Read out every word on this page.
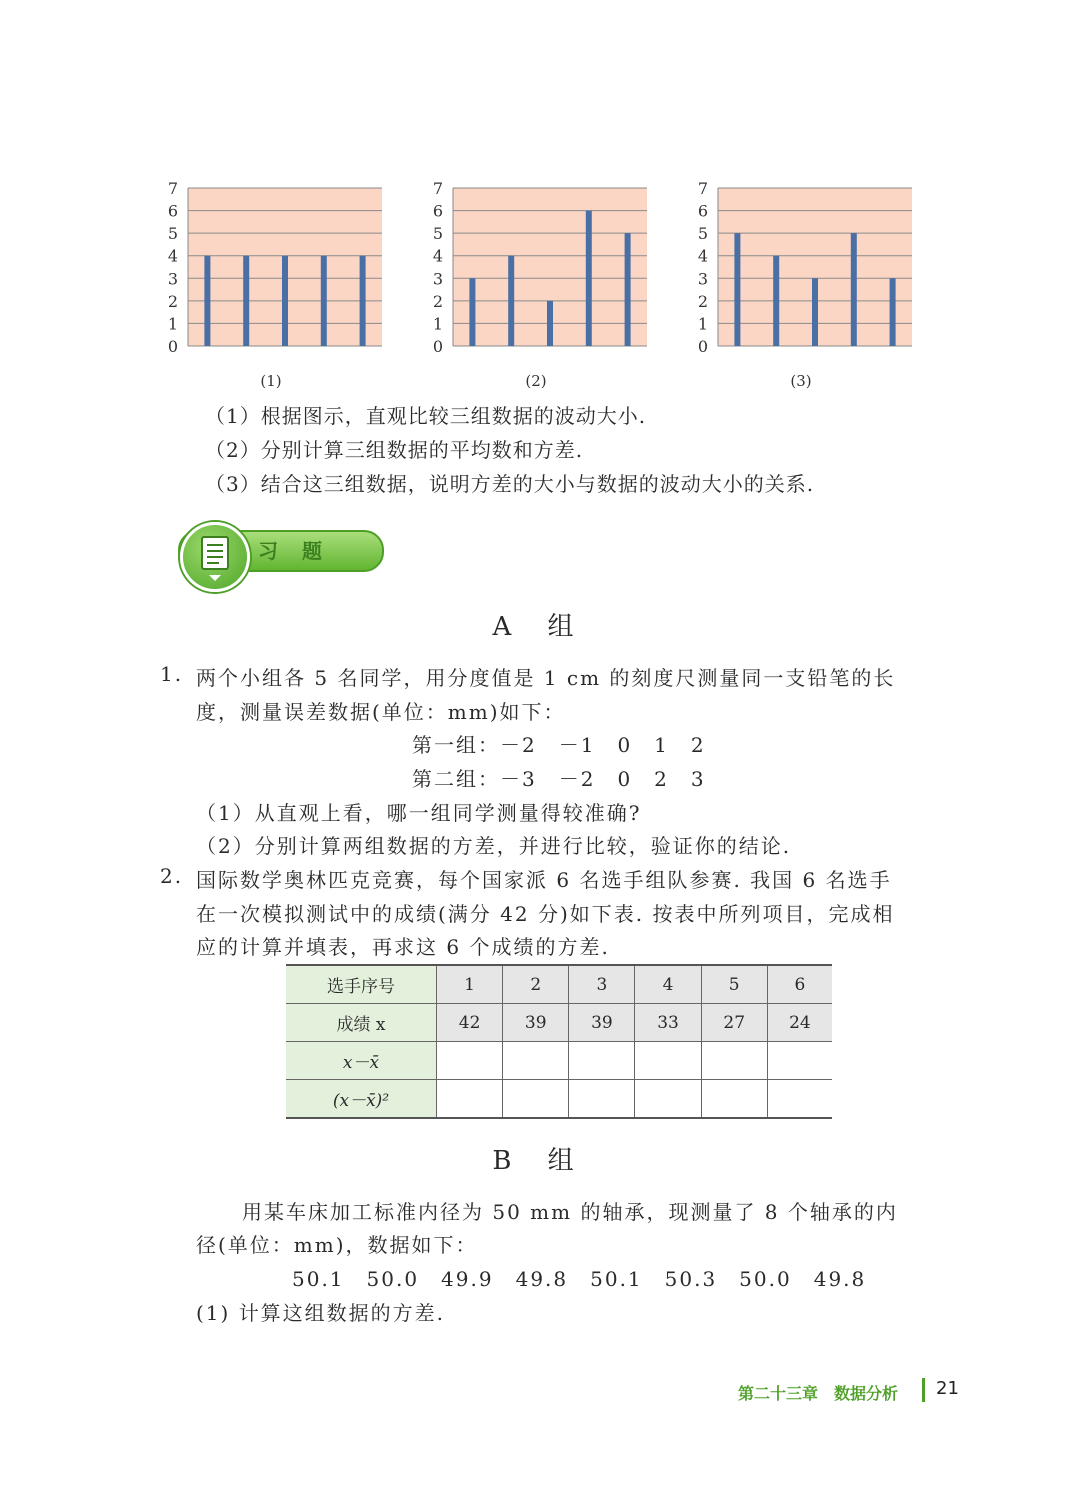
0
1
2
3
4
5
6
7
(1)
0
1
2
3
4
5
6
7
(2)
0
1
2
3
4
5
6
7
(3)
（1）根据图示，直观比较三组数据的波动大小.
（2）分别计算三组数据的平均数和方差.
（3）结合这三组数据，说明方差的大小与数据的波动大小的关系.
习题
A 组
1. 两个小组各 5 名同学，用分度值是 1 cm 的刻度尺测量同一支铅笔的长
度，测量误差数据(单位：mm)如下：
第一组：－2　－1　0　1　2
第二组：－3　－2　0　2　3
（1）从直观上看，哪一组同学测量得较准确?
（2）分别计算两组数据的方差，并进行比较，验证你的结论.
2. 国际数学奥林匹克竞赛，每个国家派 6 名选手组队参赛. 我国 6 名选手
在一次模拟测试中的成绩(满分 42 分)如下表. 按表中所列项目，完成相
应的计算并填表，再求这 6 个成绩的方差.
选手序号	1	2	3	4	5	6
成绩 x	42	39	39	33	27	24
x－x̄						
(x－x̄)²						
B 组
用某车床加工标准内径为 50 mm 的轴承，现测量了 8 个轴承的内
径(单位：mm)，数据如下：
50.1　50.0　49.9　49.8　50.1　50.3　50.0　49.8
(1) 计算这组数据的方差.
第二十三章　数据分析 21
